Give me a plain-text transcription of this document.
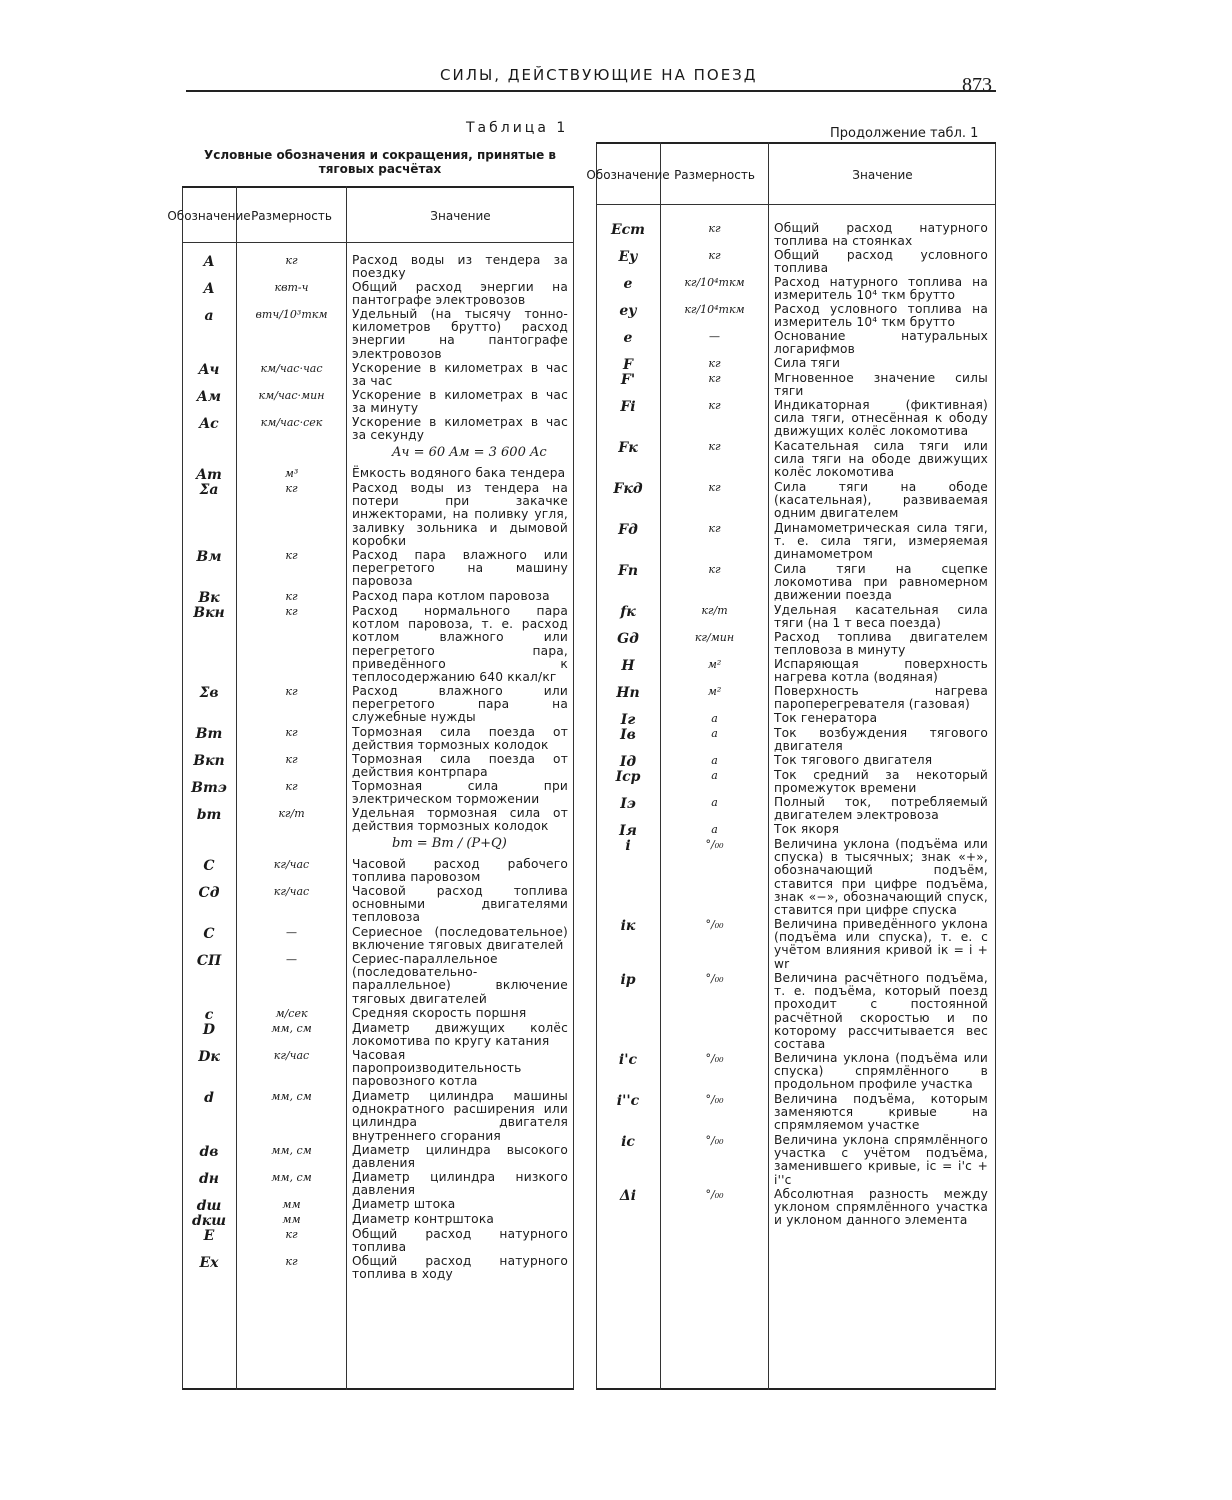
СИЛЫ, ДЕЙСТВУЮЩИЕ НА ПОЕЗД	873
Таблица 1
Условные обозначения и сокращения, принятые в тяговых расчётах
Продолжение табл. 1
Обозначение Размерность	Значение
A	кг	Расход воды из тендера за поездку
A	квт-ч	Общий расход энергии на пантографе электровозов
a	втч/10³ткм	Удельный (на тысячу тонно-километров брутто) расход энергии на пантографе электровозов
Aч	км/час·час	Ускорение в километрах в час за час
Aм	км/час·мин	Ускорение в километрах в час за минуту
Ac	км/час·сек	Ускорение в километрах в час за секунду
Aч = 60 Aм = 3 600 Ac
Am	м³	Ёмкость водяного бака тендера
Σa	кг	Расход воды из тендера на потери при закачке инжекторами, на поливку угля, заливку зольника и дымовой коробки
Bм	кг	Расход пара влажного или перегретого на машину паровоза
Bк	кг	Расход пара котлом паровоза
Bкн	кг	Расход нормального пара котлом паровоза, т. е. расход котлом влажного или перегретого пара, приведённого к теплосодержанию 640 ккал/кг
Σв	кг	Расход влажного или перегретого пара на служебные нужды
Bт	кг	Тормозная сила поезда от действия тормозных колодок
Bкп	кг	Тормозная сила поезда от действия контрпара
Bтэ	кг	Тормозная сила при электрическом торможении
bт	кг/т	Удельная тормозная сила от действия тормозных колодок
bт = Bт / (P+Q)
C	кг/час	Часовой расход рабочего топлива паровозом
Cд	кг/час	Часовой расход топлива основными двигателями тепловоза
C	—	Сериесное (последовательное) включение тяговых двигателей
СП	—	Сериес-параллельное (последовательно-параллельное) включение тяговых двигателей
c	м/сек	Средняя скорость поршня
D	мм, см	Диаметр движущих колёс локомотива по кругу катания
Dк	кг/час	Часовая паропроизводительность паровозного котла
d	мм, см	Диаметр цилиндра машины однократного расширения или цилиндра двигателя внутреннего сгорания
dв	мм, см	Диаметр цилиндра высокого давления
dн	мм, см	Диаметр цилиндра низкого давления
dш	мм	Диаметр штока
dкш	мм	Диаметр контрштока
E	кг	Общий расход натурного топлива
Ex	кг	Общий расход натурного топлива в ходу
Обозначение Размерность	Значение
Eст	кг	Общий расход натурного топлива на стоянках
Eу	кг	Общий расход условного топлива
e	кг/10⁴ткм	Расход натурного топлива на измеритель 10⁴ ткм брутто
eу	кг/10⁴ткм	Расход условного топлива на измеритель 10⁴ ткм брутто
e	—	Основание натуральных логарифмов
F	кг	Сила тяги
F'	кг	Мгновенное значение силы тяги
Fi	кг	Индикаторная (фиктивная) сила тяги, отнесённая к ободу движущих колёс локомотива
Fк	кг	Касательная сила тяги или сила тяги на ободе движущих колёс локомотива
Fкд	кг	Сила тяги на ободе (касательная), развиваемая одним двигателем
Fд	кг	Динамометрическая сила тяги, т. е. сила тяги, измеряемая динамометром
Fп	кг	Сила тяги на сцепке локомотива при равномерном движении поезда
fк	кг/т	Удельная касательная сила тяги (на 1 т веса поезда)
Gд	кг/мин	Расход топлива двигателем тепловоза в минуту
H	м²	Испаряющая поверхность нагрева котла (водяная)
Hп	м²	Поверхность нагрева пароперегревателя (газовая)
Iг	а	Ток генератора
Iв	а	Ток возбуждения тягового двигателя
Iд	а	Ток тягового двигателя
Iср	а	Ток средний за некоторый промежуток времени
Iэ	а	Полный ток, потребляемый двигателем электровоза
Iя	а	Ток якоря
i	°/₀₀	Величина уклона (подъёма или спуска) в тысячных; знак «+», обозначающий подъём, ставится при цифре подъёма, знак «−», обозначающий спуск, ставится при цифре спуска
iк	°/₀₀	Величина приведённого уклона (подъёма или спуска), т. е. с учётом влияния кривой iк = i + wr
iр	°/₀₀	Величина расчётного подъёма, т. е. подъёма, который поезд проходит с постоянной расчётной скоростью и по которому рассчитывается вес состава
i'c	°/₀₀	Величина уклона (подъёма или спуска) спрямлённого в продольном профиле участка
i''c	°/₀₀	Величина подъёма, которым заменяются кривые на спрямляемом участке
ic	°/₀₀	Величина уклона спрямлённого участка с учётом подъёма, заменившего кривые, ic = i'c + i''c
Δi	°/₀₀	Абсолютная разность между уклоном спрямлённого участка и уклоном данного элемента
